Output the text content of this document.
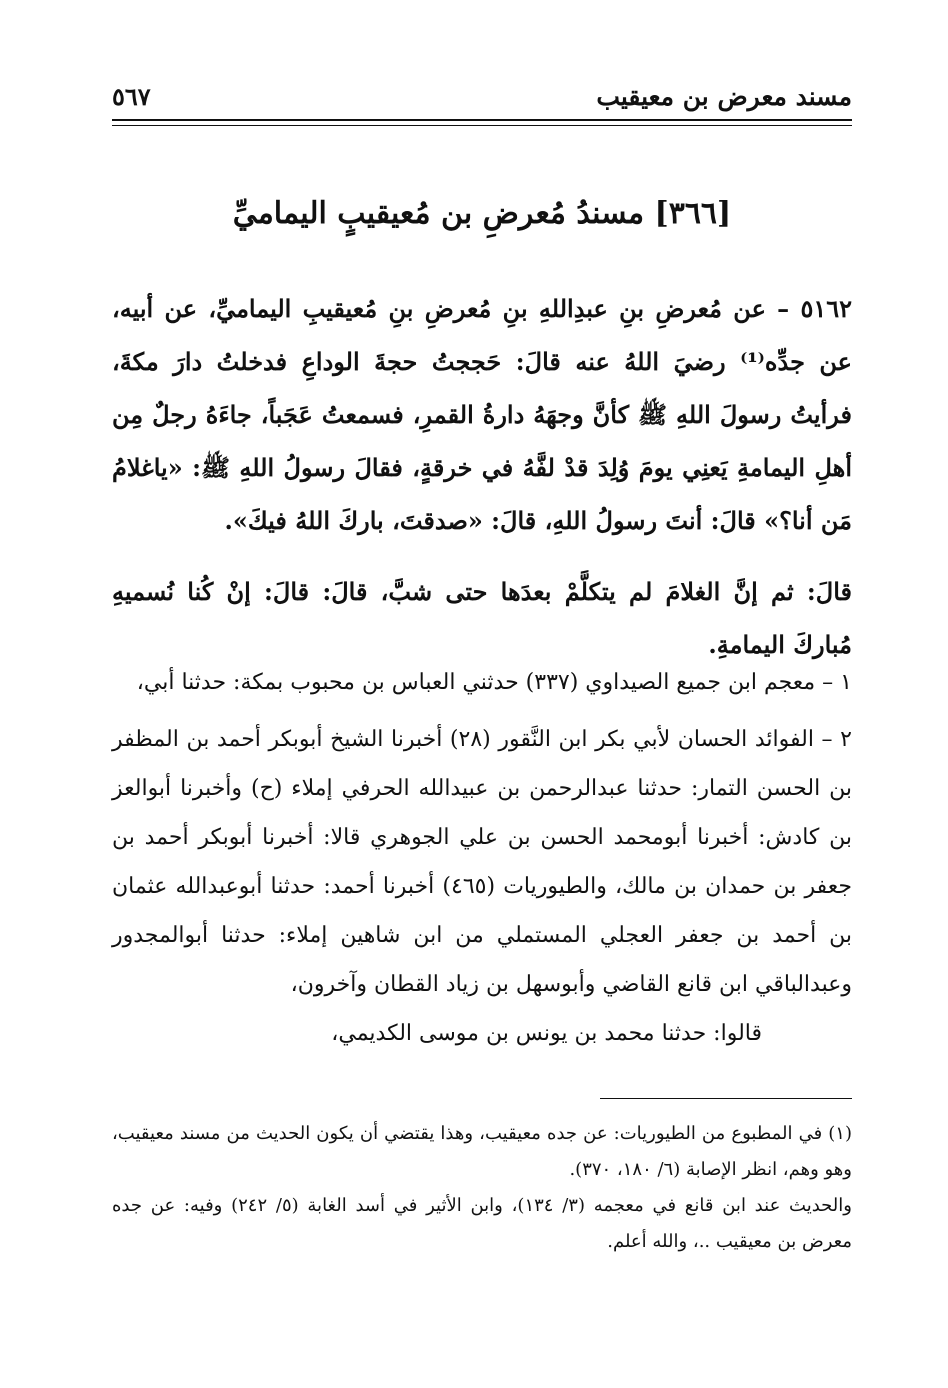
مسند معرض بن معيقيب
٥٦٧
[٣٦٦] مسندُ مُعرضِ بن مُعيقيبٍ اليماميِّ

٥١٦٢ – عن مُعرضِ بنِ عبدِاللهِ بنِ مُعرضِ بنِ مُعيقيبِ اليماميِّ، عن أبيه، عن جدِّه⁽¹⁾ رضيَ اللهُ عنه قالَ: حَججتُ حجةَ الوداعِ فدخلتُ دارَ مكةَ، فرأيتُ رسولَ اللهِ ﷺ كأنَّ وجهَهُ دارةُ القمرِ، فسمعتُ عَجَباً، جاءَهُ رجلٌ مِن أهلِ اليمامةِ يَعنِي يومَ وُلِدَ قدْ لفَّهُ في خرقةٍ، فقالَ رسولُ اللهِ ﷺ: «ياغلامُ مَن أنا؟» قالَ: أنتَ رسولُ اللهِ، قالَ: «صدقتَ، باركَ اللهُ فيكَ».

قالَ: ثم إنَّ الغلامَ لم يتكلَّمْ بعدَها حتى شبَّ، قالَ: قالَ: إنْ كُنا نُسميهِ مُباركَ اليمامةِ.

١ – معجم ابن جميع الصيداوي (٣٣٧) حدثني العباس بن محبوب بمكة: حدثنا أبي،

٢ – الفوائد الحسان لأبي بكر ابن النَّقور (٢٨) أخبرنا الشيخ أبوبكر أحمد بن المظفر بن الحسن التمار: حدثنا عبدالرحمن بن عبيدالله الحرفي إملاء (ح) وأخبرنا أبوالعز بن كادش: أخبرنا أبومحمد الحسن بن علي الجوهري قالا: أخبرنا أبوبكر أحمد بن جعفر بن حمدان بن مالك، والطيوريات (٤٦٥) أخبرنا أحمد: حدثنا أبوعبدالله عثمان بن أحمد بن جعفر العجلي المستملي من ابن شاهين إملاء: حدثنا أبوالمجدور وعبدالباقي ابن قانع القاضي وأبوسهل بن زياد القطان وآخرون،

قالوا: حدثنا محمد بن يونس بن موسى الكديمي،

(١) في المطبوع من الطيوريات: عن جده معيقيب، وهذا يقتضي أن يكون الحديث من مسند معيقيب، وهو وهم، انظر الإصابة (٦/ ١٨٠، ٣٧٠).

والحديث عند ابن قانع في معجمه (٣/ ١٣٤)، وابن الأثير في أسد الغابة (٥/ ٢٤٢) وفيه: عن جده معرض بن معيقيب ..، والله أعلم.
